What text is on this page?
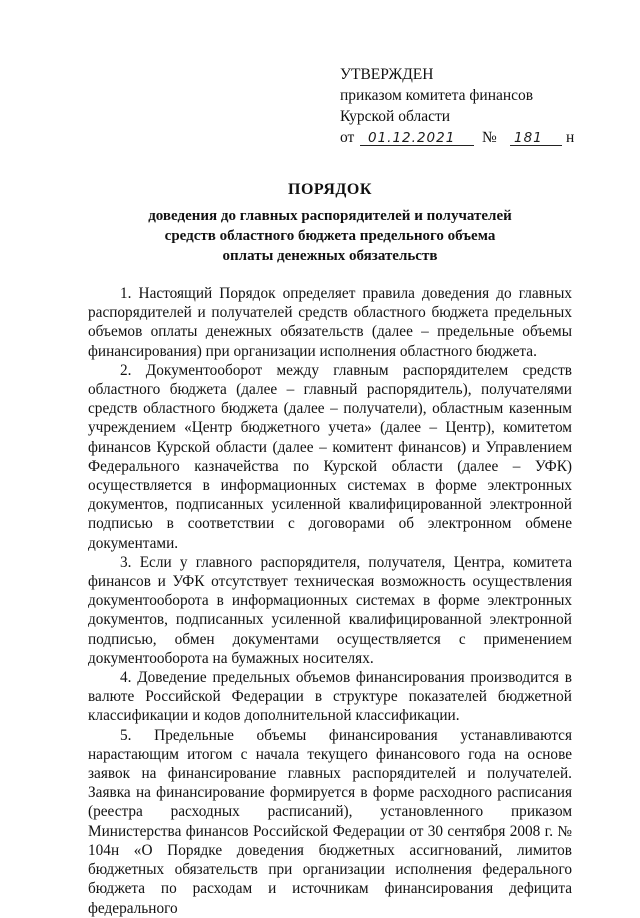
УТВЕРЖДЕН
приказом комитета финансов
Курской области
от 01.12.2021 № 181 н
ПОРЯДОК
доведения до главных распорядителей и получателей
средств областного бюджета предельного объема
оплаты денежных обязательств

1. Настоящий Порядок определяет правила доведения до главных распорядителей и получателей средств областного бюджета предельных объемов оплаты денежных обязательств (далее – предельные объемы финансирования) при организации исполнения областного бюджета.

2. Документооборот между главным распорядителем средств областного бюджета (далее – главный распорядитель), получателями средств областного бюджета (далее – получатели), областным казенным учреждением «Центр бюджетного учета» (далее – Центр), комитетом финансов Курской области (далее – комитент финансов) и Управлением Федерального казначейства по Курской области (далее – УФК) осуществляется в информационных системах в форме электронных документов, подписанных усиленной квалифицированной электронной подписью в соответствии с договорами об электронном обмене документами.

3. Если у главного распорядителя, получателя, Центра, комитета финансов и УФК отсутствует техническая возможность осуществления документооборота в информационных системах в форме электронных документов, подписанных усиленной квалифицированной электронной подписью, обмен документами осуществляется с применением документооборота на бумажных носителях.

4. Доведение предельных объемов финансирования производится в валюте Российской Федерации в структуре показателей бюджетной классификации и кодов дополнительной классификации.

5. Предельные объемы финансирования устанавливаются нарастающим итогом с начала текущего финансового года на основе заявок на финансирование главных распорядителей и получателей. Заявка на финансирование формируется в форме расходного расписания (реестра расходных расписаний), установленного приказом Министерства финансов Российской Федерации от 30 сентября 2008 г. № 104н «О Порядке доведения бюджетных ассигнований, лимитов бюджетных обязательств при организации исполнения федерального бюджета по расходам и источникам финансирования дефицита федерального
